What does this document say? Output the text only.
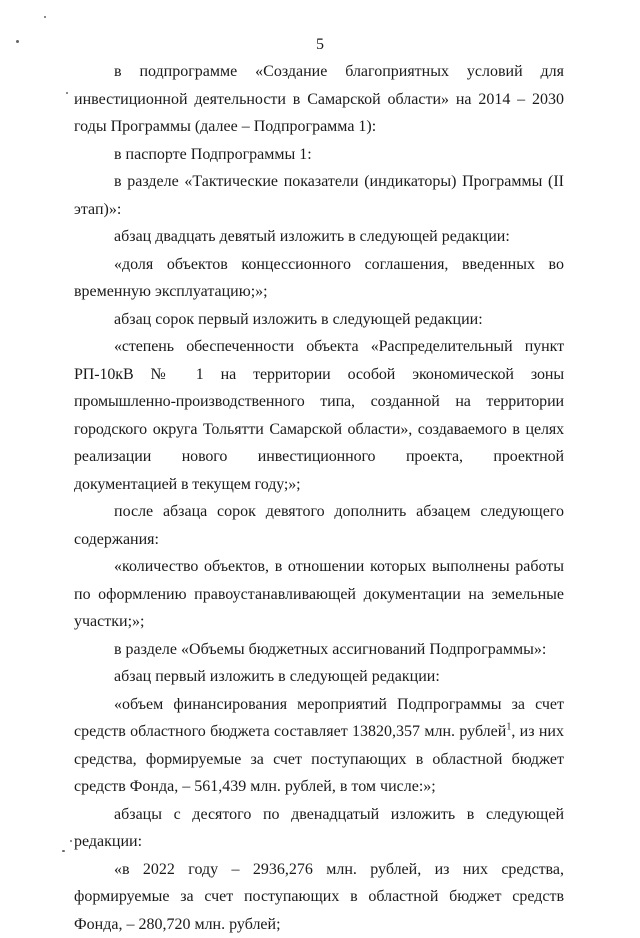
5

в подпрограмме «Создание благоприятных условий для инвестиционной деятельности в Самарской области» на 2014 – 2030 годы Программы (далее – Подпрограмма 1):

в паспорте Подпрограммы 1:

в разделе «Тактические показатели (индикаторы) Программы (II этап)»:

абзац двадцать девятый изложить в следующей редакции:

«доля объектов концессионного соглашения, введенных во временную эксплуатацию;»;

абзац сорок первый изложить в следующей редакции:

«степень обеспеченности объекта «Распределительный пункт РП-10кВ № 1 на территории особой экономической зоны промышленно-производственного типа, созданной на территории городского округа Тольятти Самарской области», создаваемого в целях реализации нового инвестиционного проекта, проектной документацией в текущем году;»;

после абзаца сорок девятого дополнить абзацем следующего содержания:

«количество объектов, в отношении которых выполнены работы по оформлению правоустанавливающей документации на земельные участки;»;

в разделе «Объемы бюджетных ассигнований Подпрограммы»:

абзац первый изложить в следующей редакции:

«объем финансирования мероприятий Подпрограммы за счет средств областного бюджета составляет 13820,357 млн. рублей$^1$, из них средства, формируемые за счет поступающих в областной бюджет средств Фонда, – 561,439 млн. рублей, в том числе:»;

абзацы с десятого по двенадцатый изложить в следующей редакции:

«в 2022 году – 2936,276 млн. рублей, из них средства, формируемые за счет поступающих в областной бюджет средств Фонда, – 280,720 млн. рублей;
